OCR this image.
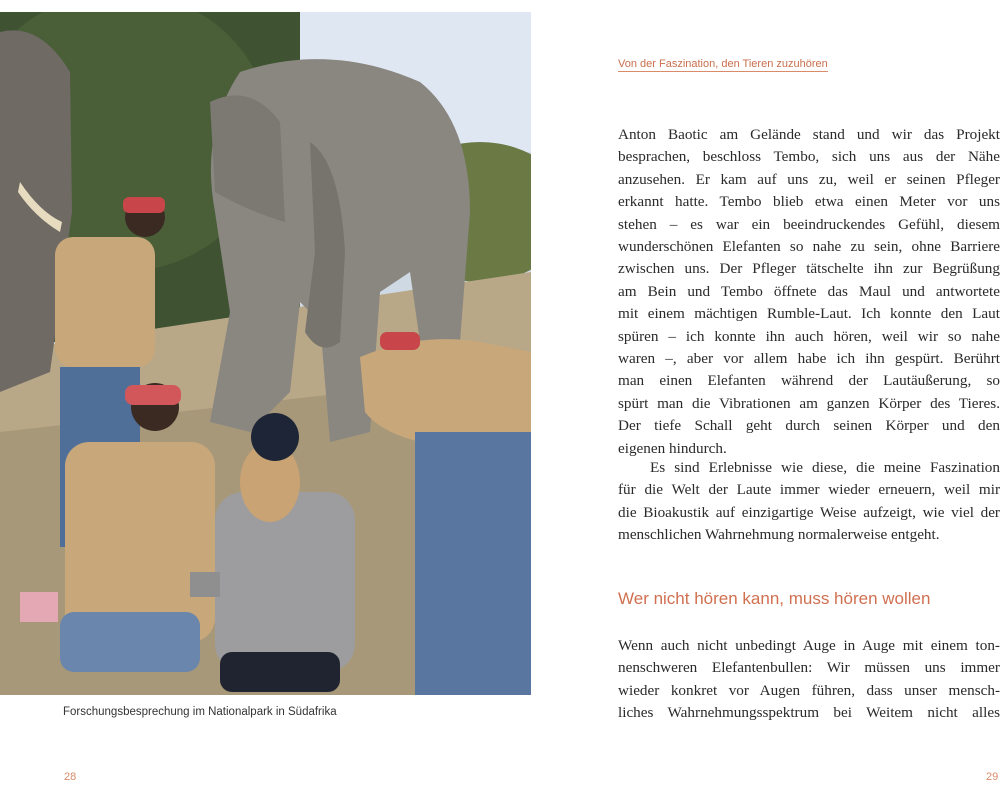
Forschungsbesprechung im Nationalpark in Südafrika
28
Von der Faszination, den Tieren zuzuhören
Anton Baotic am Gelände stand und wir das Projekt
besprachen, beschloss Tembo, sich uns aus der Nähe
anzusehen. Er kam auf uns zu, weil er seinen Pfleger
erkannt hatte. Tembo blieb etwa einen Meter vor uns
stehen – es war ein beeindruckendes Gefühl, diesem
wunderschönen Elefanten so nahe zu sein, ohne Barriere
zwischen uns. Der Pfleger tätschelte ihn zur Begrüßung
am Bein und Tembo öffnete das Maul und antwortete
mit einem mächtigen Rumble-Laut. Ich konnte den Laut
spüren – ich konnte ihn auch hören, weil wir so nahe
waren –, aber vor allem habe ich ihn gespürt. Berührt
man einen Elefanten während der Lautäußerung, so
spürt man die Vibrationen am ganzen Körper des Tieres.
Der tiefe Schall geht durch seinen Körper und den
eigenen hindurch.
Es sind Erlebnisse wie diese, die meine Faszination
für die Welt der Laute immer wieder erneuern, weil mir
die Bioakustik auf einzigartige Weise aufzeigt, wie viel der
menschlichen Wahrnehmung normalerweise entgeht.
Wer nicht hören kann, muss hören wollen
Wenn auch nicht unbedingt Auge in Auge mit einem ton-
nenschweren Elefantenbullen: Wir müssen uns immer
wieder konkret vor Augen führen, dass unser mensch-
liches Wahrnehmungsspektrum bei Weitem nicht alles
29
